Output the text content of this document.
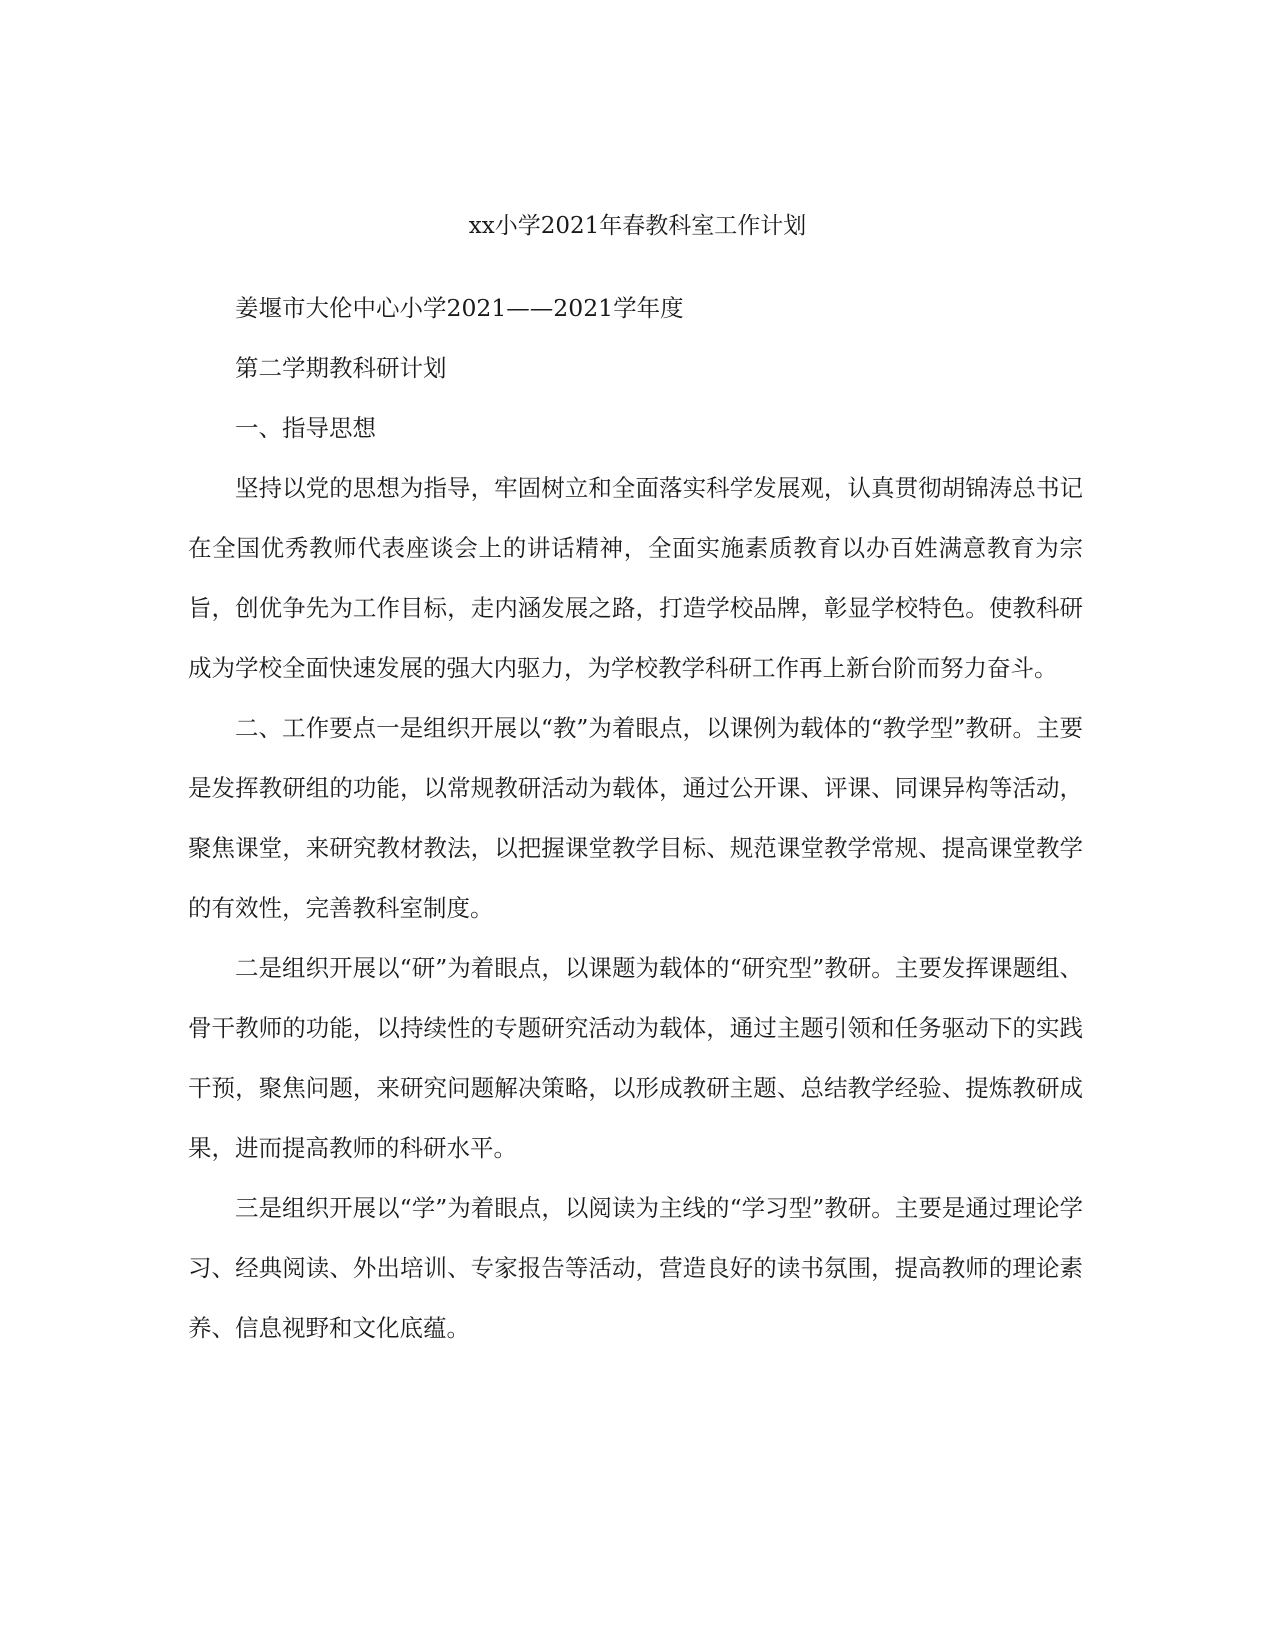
xx小学2021年春教科室工作计划

姜堰市大伦中心小学2021——2021学年度

第二学期教科研计划

一、指导思想

坚持以党的思想为指导，牢固树立和全面落实科学发展观，认真贯彻胡锦涛总书记在全国优秀教师代表座谈会上的讲话精神，全面实施素质教育以办百姓满意教育为宗旨，创优争先为工作目标，走内涵发展之路，打造学校品牌，彰显学校特色。使教科研成为学校全面快速发展的强大内驱力，为学校教学科研工作再上新台阶而努力奋斗。

二、工作要点一是组织开展以“教”为着眼点，以课例为载体的“教学型”教研。主要是发挥教研组的功能，以常规教研活动为载体，通过公开课、评课、同课异构等活动，聚焦课堂，来研究教材教法，以把握课堂教学目标、规范课堂教学常规、提高课堂教学的有效性，完善教科室制度。

二是组织开展以“研”为着眼点，以课题为载体的“研究型”教研。主要发挥课题组、骨干教师的功能，以持续性的专题研究活动为载体，通过主题引领和任务驱动下的实践干预，聚焦问题，来研究问题解决策略，以形成教研主题、总结教学经验、提炼教研成果，进而提高教师的科研水平。

三是组织开展以“学”为着眼点，以阅读为主线的“学习型”教研。主要是通过理论学习、经典阅读、外出培训、专家报告等活动，营造良好的读书氛围，提高教师的理论素养、信息视野和文化底蕴。
